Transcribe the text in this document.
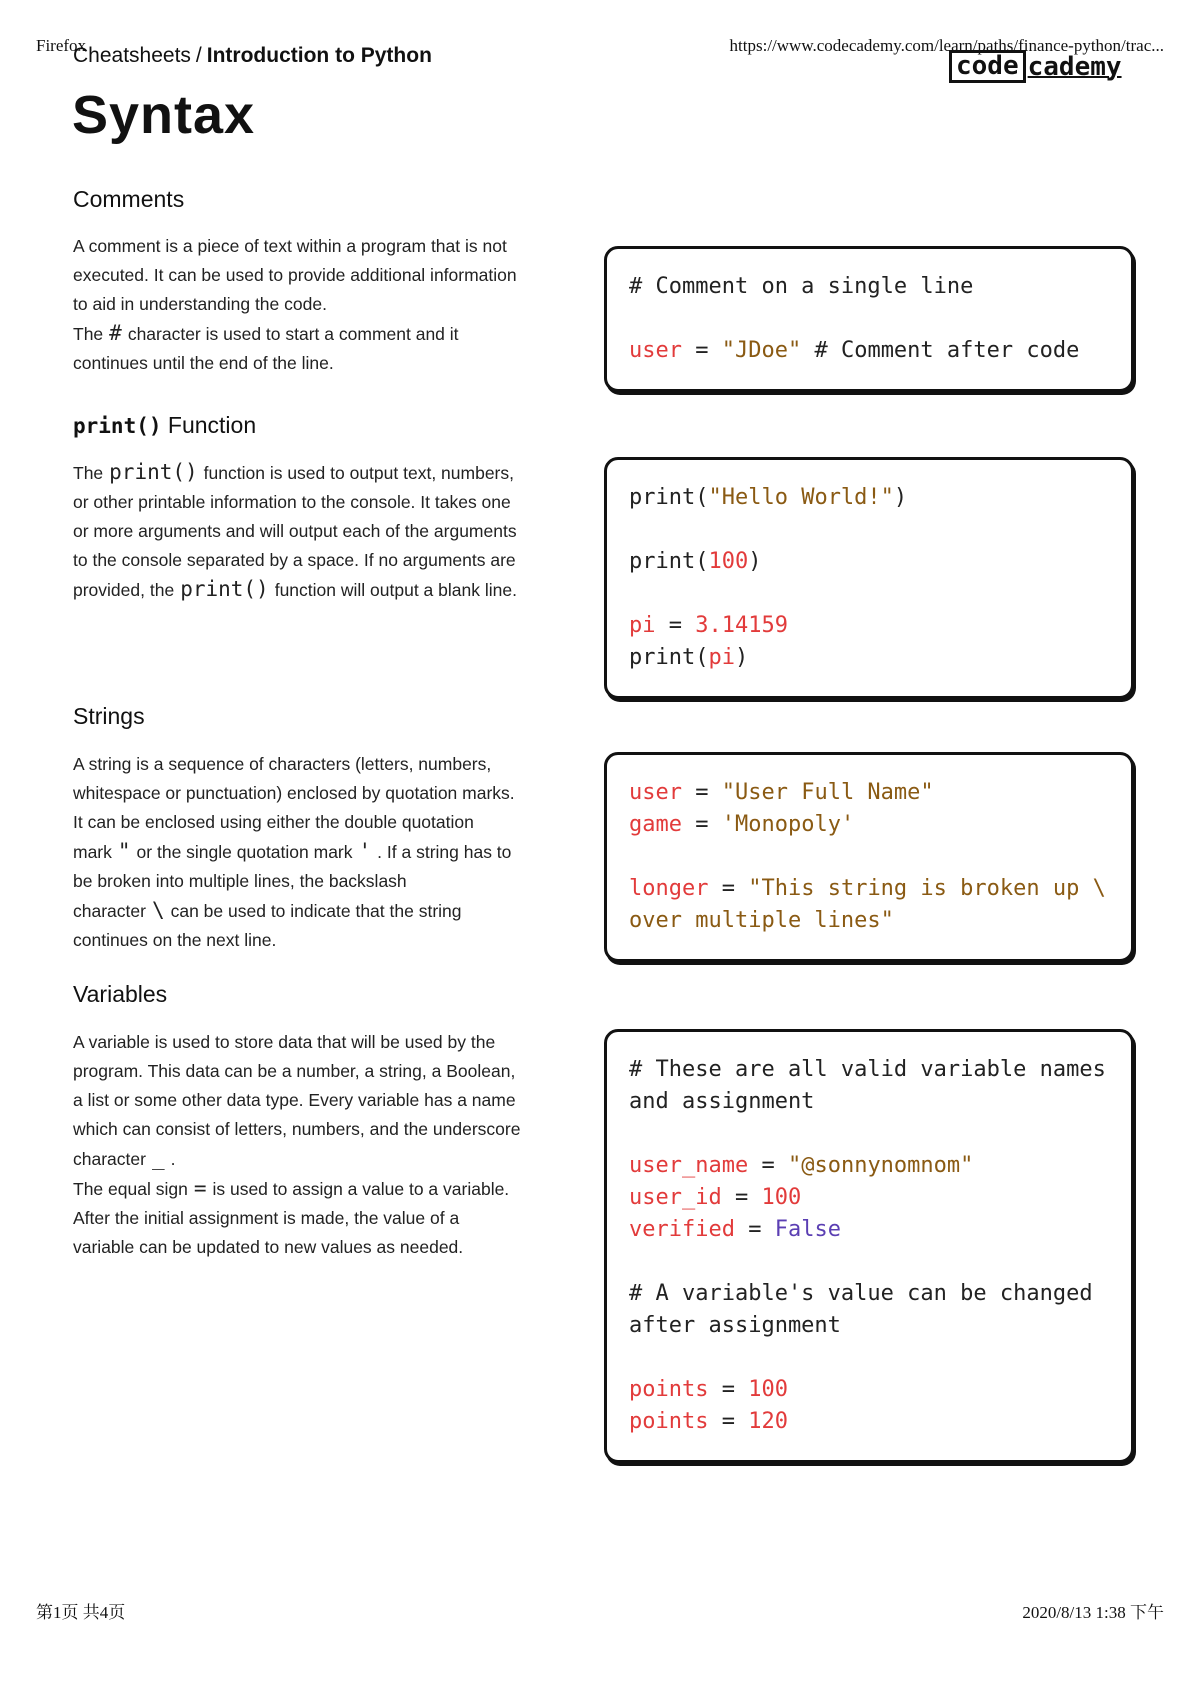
Firefox	https://www.codecademy.com/learn/paths/finance-python/trac...
Cheatsheets / Introduction to Python	code cademy
Syntax
Comments

A comment is a piece of text within a program that is not executed. It can be used to provide additional information to aid in understanding the code.

The # character is used to start a comment and it continues until the end of the line.

# Comment on a single line
user = "JDoe" # Comment after code
print() Function

The print() function is used to output text, numbers, or other printable information to the console. It takes one or more arguments and will output each of the arguments to the console separated by a space. If no arguments are provided, the print() function will output a blank line.

print("Hello World!")
print(100)
pi = 3.14159
print(pi)
Strings

A string is a sequence of characters (letters, numbers, whitespace or punctuation) enclosed by quotation marks. It can be enclosed using either the double quotation mark " or the single quotation mark ' . If a string has to be broken into multiple lines, the backslash character \ can be used to indicate that the string continues on the next line.

user = "User Full Name"
game = 'Monopoly'
longer = "This string is broken up \
over multiple lines"
Variables

A variable is used to store data that will be used by the program. This data can be a number, a string, a Boolean, a list or some other data type. Every variable has a name which can consist of letters, numbers, and the underscore character _ .

The equal sign = is used to assign a value to a variable. After the initial assignment is made, the value of a variable can be updated to new values as needed.

# These are all valid variable names and assignment
user_name = "@sonnynomnom"
user_id = 100
verified = False
# A variable's value can be changed after assignment
points = 100
points = 120
第1页 共4页	2020/8/13 1:38 下午
